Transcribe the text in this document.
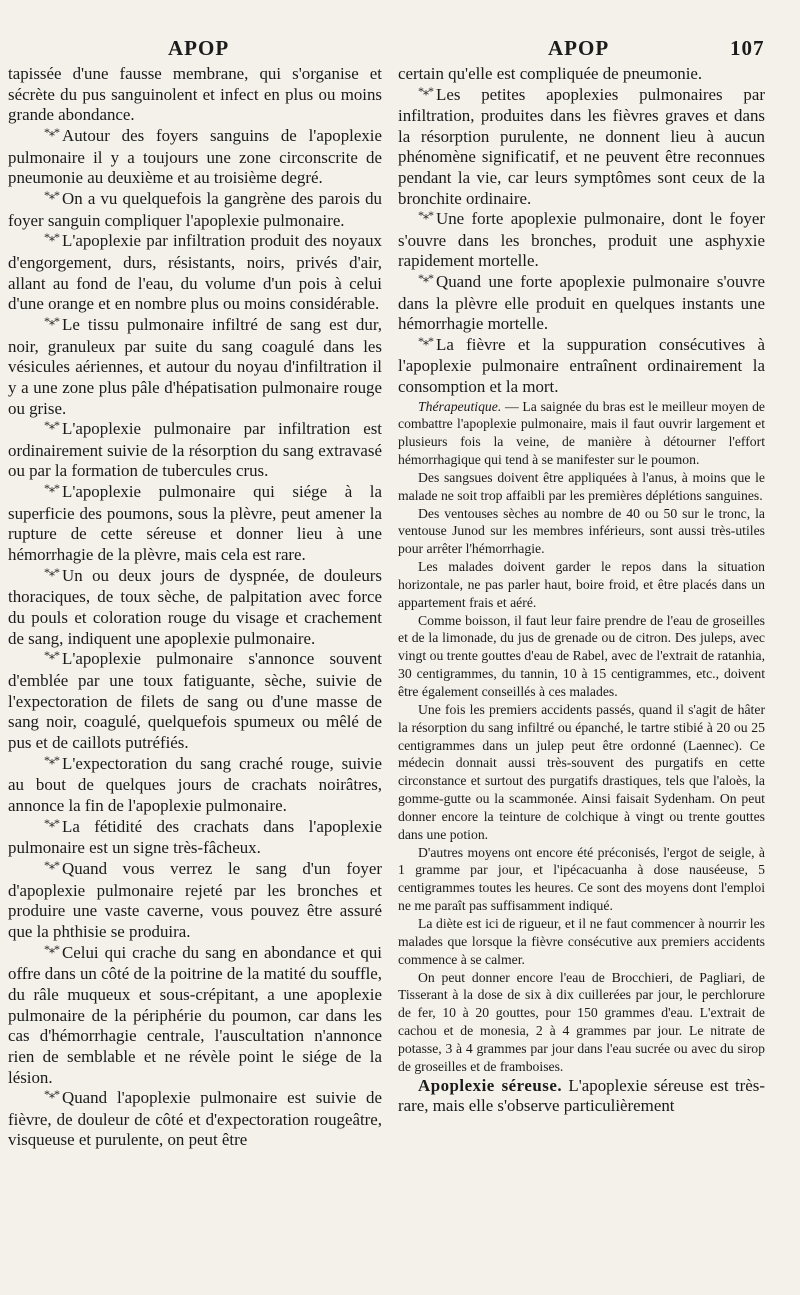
APOP	APOP	107

tapissée d'une fausse membrane, qui s'organise et sécrète du pus sanguinolent et infect en plus ou moins grande abondance.

*⁎* Autour des foyers sanguins de l'apoplexie pulmonaire il y a toujours une zone circonscrite de pneumonie au deuxième et au troisième degré.

*⁎* On a vu quelquefois la gangrène des parois du foyer sanguin compliquer l'apoplexie pulmonaire.

*⁎* L'apoplexie par infiltration produit des noyaux d'engorgement, durs, résistants, noirs, privés d'air, allant au fond de l'eau, du volume d'un pois à celui d'une orange et en nombre plus ou moins considérable.

*⁎* Le tissu pulmonaire infiltré de sang est dur, noir, granuleux par suite du sang coagulé dans les vésicules aériennes, et autour du noyau d'infiltration il y a une zone plus pâle d'hépatisation pulmonaire rouge ou grise.

*⁎* L'apoplexie pulmonaire par infiltration est ordinairement suivie de la résorption du sang extravasé ou par la formation de tubercules crus.

*⁎* L'apoplexie pulmonaire qui siége à la superficie des poumons, sous la plèvre, peut amener la rupture de cette séreuse et donner lieu à une hémorrhagie de la plèvre, mais cela est rare.

*⁎* Un ou deux jours de dyspnée, de douleurs thoraciques, de toux sèche, de palpitation avec force du pouls et coloration rouge du visage et crachement de sang, indiquent une apoplexie pulmonaire.

*⁎* L'apoplexie pulmonaire s'annonce souvent d'emblée par une toux fatiguante, sèche, suivie de l'expectoration de filets de sang ou d'une masse de sang noir, coagulé, quelquefois spumeux ou mêlé de pus et de caillots putréfiés.

*⁎* L'expectoration du sang craché rouge, suivie au bout de quelques jours de crachats noirâtres, annonce la fin de l'apoplexie pulmonaire.

*⁎* La fétidité des crachats dans l'apoplexie pulmonaire est un signe très-fâcheux.

*⁎* Quand vous verrez le sang d'un foyer d'apoplexie pulmonaire rejeté par les bronches et produire une vaste caverne, vous pouvez être assuré que la phthisie se produira.

*⁎* Celui qui crache du sang en abondance et qui offre dans un côté de la poitrine de la matité du souffle, du râle muqueux et sous-crépitant, a une apoplexie pulmonaire de la périphérie du poumon, car dans les cas d'hémorrhagie centrale, l'auscultation n'annonce rien de semblable et ne révèle point le siége de la lésion.

*⁎* Quand l'apoplexie pulmonaire est suivie de fièvre, de douleur de côté et d'expectoration rougeâtre, visqueuse et purulente, on peut être

certain qu'elle est compliquée de pneumonie.

*⁎* Les petites apoplexies pulmonaires par infiltration, produites dans les fièvres graves et dans la résorption purulente, ne donnent lieu à aucun phénomène significatif, et ne peuvent être reconnues pendant la vie, car leurs symptômes sont ceux de la bronchite ordinaire.

*⁎* Une forte apoplexie pulmonaire, dont le foyer s'ouvre dans les bronches, produit une asphyxie rapidement mortelle.

*⁎* Quand une forte apoplexie pulmonaire s'ouvre dans la plèvre elle produit en quelques instants une hémorrhagie mortelle.

*⁎* La fièvre et la suppuration consécutives à l'apoplexie pulmonaire entraînent ordinairement la consomption et la mort.

Thérapeutique. — La saignée du bras est le meilleur moyen de combattre l'apoplexie pulmonaire, mais il faut ouvrir largement et plusieurs fois la veine, de manière à détourner l'effort hémorrhagique qui tend à se manifester sur le poumon.

Des sangsues doivent être appliquées à l'anus, à moins que le malade ne soit trop affaibli par les premières déplétions sanguines.

Des ventouses sèches au nombre de 40 ou 50 sur le tronc, la ventouse Junod sur les membres inférieurs, sont aussi très-utiles pour arrêter l'hémorrhagie.

Les malades doivent garder le repos dans la situation horizontale, ne pas parler haut, boire froid, et être placés dans un appartement frais et aéré.

Comme boisson, il faut leur faire prendre de l'eau de groseilles et de la limonade, du jus de grenade ou de citron. Des juleps, avec vingt ou trente gouttes d'eau de Rabel, avec de l'extrait de ratanhia, 30 centigrammes, du tannin, 10 à 15 centigrammes, etc., doivent être également conseillés à ces malades.

Une fois les premiers accidents passés, quand il s'agit de hâter la résorption du sang infiltré ou épanché, le tartre stibié à 20 ou 25 centigrammes dans un julep peut être ordonné (Laennec). Ce médecin donnait aussi très-souvent des purgatifs en cette circonstance et surtout des purgatifs drastiques, tels que l'aloès, la gomme-gutte ou la scammonée. Ainsi faisait Sydenham. On peut donner encore la teinture de colchique à vingt ou trente gouttes dans une potion.

D'autres moyens ont encore été préconisés, l'ergot de seigle, à 1 gramme par jour, et l'ipécacuanha à dose nauséeuse, 5 centigrammes toutes les heures. Ce sont des moyens dont l'emploi ne me paraît pas suffisamment indiqué.

La diète est ici de rigueur, et il ne faut commencer à nourrir les malades que lorsque la fièvre consécutive aux premiers accidents commence à se calmer.

On peut donner encore l'eau de Brocchieri, de Pagliari, de Tisserant à la dose de six à dix cuillerées par jour, le perchlorure de fer, 10 à 20 gouttes, pour 150 grammes d'eau. L'extrait de cachou et de monesia, 2 à 4 grammes par jour. Le nitrate de potasse, 3 à 4 grammes par jour dans l'eau sucrée ou avec du sirop de groseilles et de framboises.

Apoplexie séreuse. L'apoplexie séreuse est très-rare, mais elle s'observe particulièrement
